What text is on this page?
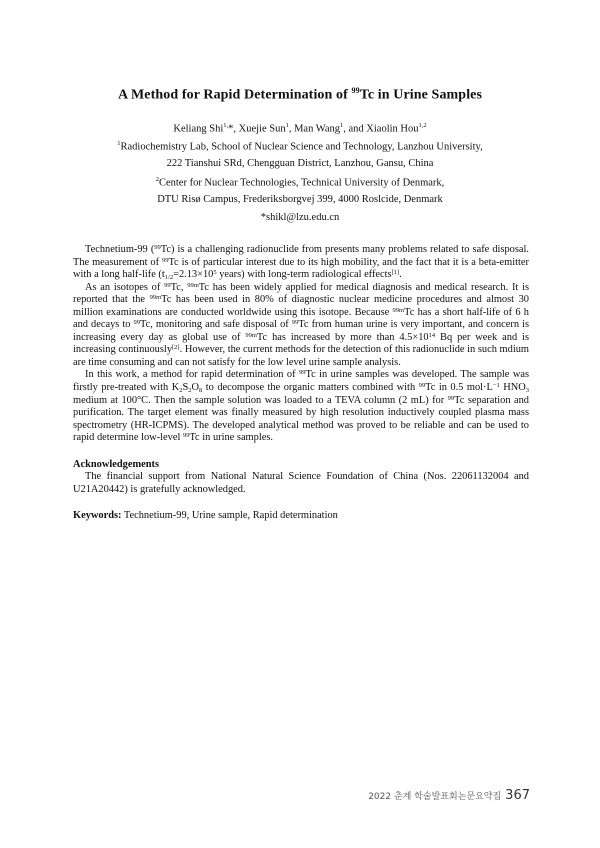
A Method for Rapid Determination of $^{99}$Tc in Urine Samples
Keliang Shi$^{1,}$*, Xuejie Sun$^1$, Man Wang$^1$, and Xiaolin Hou$^{1,2}$
$^1$Radiochemistry Lab, School of Nuclear Science and Technology, Lanzhou University,
222 Tianshui SRd, Chengguan District, Lanzhou, Gansu, China
$^2$Center for Nuclear Technologies, Technical University of Denmark,
DTU Risø Campus, Frederiksborgvej 399, 4000 Roslcide, Denmark
*shikl@lzu.edu.cn

Technetium-99 ($^{99}$Tc) is a challenging radionuclide from presents many problems related to safe disposal. The measurement of $^{99}$Tc is of particular interest due to its high mobility, and the fact that it is a beta-emitter with a long half-life ($t_{1/2}=2.13\times 10^5$ years) with long-term radiological effects[1].

As an isotopes of $^{99}$Tc, $^{99m}$Tc has been widely applied for medical diagnosis and medical research. It is reported that the $^{99m}$Tc has been used in 80% of diagnostic nuclear medicine procedures and almost 30 million examinations are conducted worldwide using this isotope. Because $^{99m}$Tc has a short half-life of 6 h and decays to $^{99}$Tc, monitoring and safe disposal of $^{99}$Tc from human urine is very important, and concern is increasing every day as global use of $^{99m}$Tc has increased by more than $4.5\times 10^{14}$ Bq per week and is increasing continuously[2]. However, the current methods for the detection of this radionuclide in such mdium are time consuming and can not satisfy for the low level urine sample analysis.

In this work, a method for rapid determination of $^{99}$Tc in urine samples was developed. The sample was firstly pre-treated with $K_2S_2O_8$ to decompose the organic matters combined with $^{99}$Tc in 0.5 $mol\cdot L^{-1}$ $HNO_3$ medium at 100°C. Then the sample solution was loaded to a TEVA column (2 mL) for $^{99}$Tc separation and purification. The target element was finally measured by high resolution inductively coupled plasma mass spectrometry (HR-ICPMS). The developed analytical method was proved to be reliable and can be used to rapid determine low-level $^{99}$Tc in urine samples.

Acknowledgements

The financial support from National Natural Science Foundation of China (Nos. 22061132004 and U21A20442) is gratefully acknowledged.

Keywords: Technetium-99, Urine sample, Rapid determination

2022 춘계 학술발표회논문요약집 367
